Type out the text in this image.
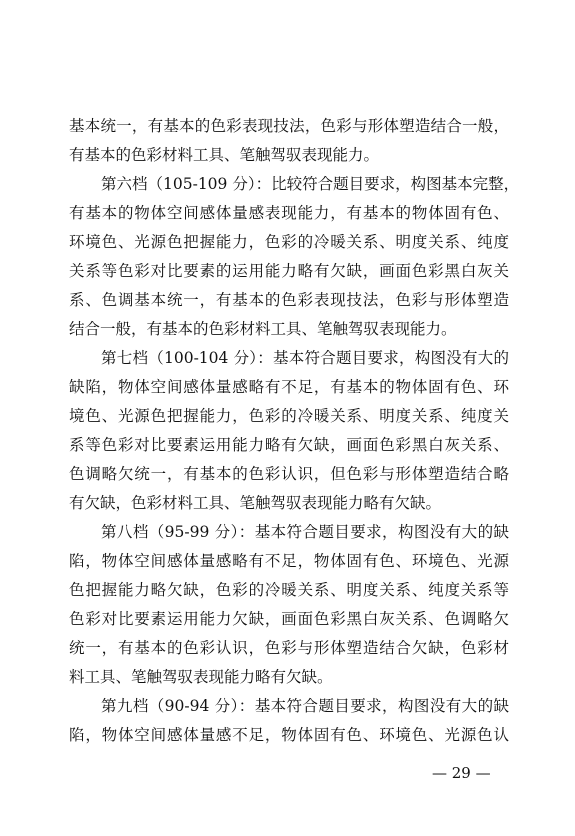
基本统一，有基本的色彩表现技法，色彩与形体塑造结合一般，
有基本的色彩材料工具、笔触驾驭表现能力。
第六档（105-109 分）：比较符合题目要求，构图基本完整，
有基本的物体空间感体量感表现能力，有基本的物体固有色、
环境色、光源色把握能力，色彩的冷暖关系、明度关系、纯度
关系等色彩对比要素的运用能力略有欠缺，画面色彩黑白灰关
系、色调基本统一，有基本的色彩表现技法，色彩与形体塑造
结合一般，有基本的色彩材料工具、笔触驾驭表现能力。
第七档（100-104 分）：基本符合题目要求，构图没有大的
缺陷，物体空间感体量感略有不足，有基本的物体固有色、环
境色、光源色把握能力，色彩的冷暖关系、明度关系、纯度关
系等色彩对比要素运用能力略有欠缺，画面色彩黑白灰关系、
色调略欠统一，有基本的色彩认识，但色彩与形体塑造结合略
有欠缺，色彩材料工具、笔触驾驭表现能力略有欠缺。
第八档（95-99 分）：基本符合题目要求，构图没有大的缺
陷，物体空间感体量感略有不足，物体固有色、环境色、光源
色把握能力略欠缺，色彩的冷暖关系、明度关系、纯度关系等
色彩对比要素运用能力欠缺，画面色彩黑白灰关系、色调略欠
统一，有基本的色彩认识，色彩与形体塑造结合欠缺，色彩材
料工具、笔触驾驭表现能力略有欠缺。
第九档（90-94 分）：基本符合题目要求，构图没有大的缺
陷，物体空间感体量感不足，物体固有色、环境色、光源色认
— 29 —
